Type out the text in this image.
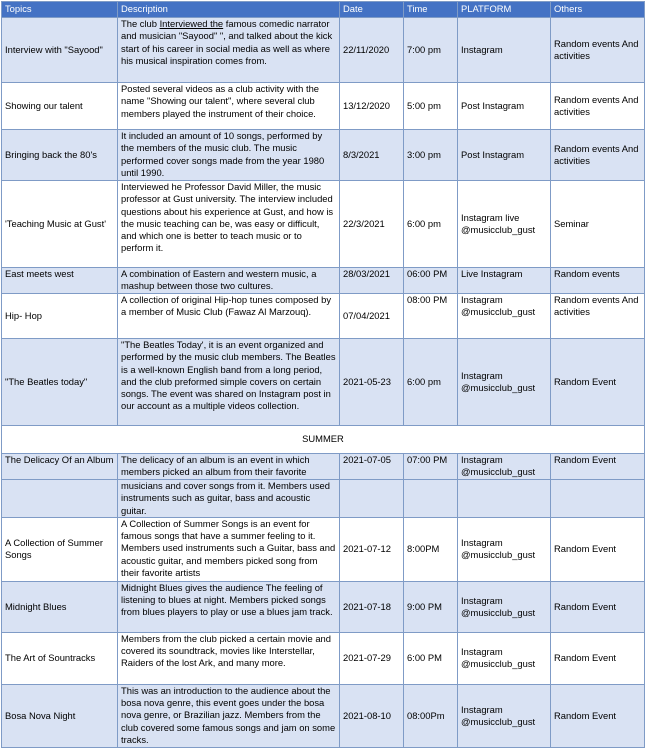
Topics	Description	Date	Time	PLATFORM	Others
Interview with "Sayood"	The club Interviewed the famous comedic narrator and musician "Sayood" ", and talked about the kick start of his career in social media as well as where his musical inspiration comes from.	22/11/2020	7:00 pm	Instagram	Random events And activities
Showing our talent	Posted several videos as a club activity with the name "Showing our talent", where several club members played the instrument of their choice.	13/12/2020	5:00 pm	Post Instagram	Random events And activities
Bringing back the 80's	It included an amount of 10 songs, performed by the members of the music club. The music performed cover songs made from the year 1980 until 1990.	8/3/2021	3:00 pm	Post Instagram	Random events And activities
'Teaching Music at Gust'	Interviewed he Professor David Miller, the music professor at Gust university. The interview included questions about his experience at Gust, and how is the music teaching can be, was easy or difficult, and which one is better to teach music or to perform it.	22/3/2021	6:00 pm	Instagram live @musicclub_gust	Seminar
East meets west	A combination of Eastern and western music, a mashup between those two cultures.	28/03/2021	06:00 PM	Live Instagram	Random events
Hip- Hop	A collection of original Hip-hop tunes composed by a member of Music Club (Fawaz Al Marzouq).	07/04/2021	08:00 PM	Instagram @musicclub_gust	Random events And activities
"The Beatles today"	"The Beatles Today', it is an event organized and performed by the music club members. The Beatles is a well-known English band from a long period, and the club preformed simple covers on certain songs. The event was shared on Instagram post in our account as a multiple videos collection.	2021-05-23	6:00 pm	Instagram @musicclub_gust	Random Event
SUMMER					
The Delicacy Of an Album	The delicacy of an album is an event in which members picked an album from their favorite	2021-07-05	07:00 PM	Instagram @musicclub_gust	Random Event
	musicians and cover songs from it. Members used instruments such as guitar, bass and acoustic guitar.				
A Collection of Summer Songs	A Collection of Summer Songs is an event for famous songs that have a summer feeling to it. Members used instruments such a Guitar, bass and acoustic guitar, and members picked song from their favorite artists	2021-07-12	8:00PM	Instagram @musicclub_gust	Random Event
Midnight Blues	Midnight Blues gives the audience The feeling of listening to blues at night. Members picked songs from blues players to play or use a blues jam track.	2021-07-18	9:00 PM	Instagram @musicclub_gust	Random Event
The Art of Sountracks	Members from the club picked a certain movie and covered its soundtrack, movies like Interstellar, Raiders of the lost Ark, and many more.	2021-07-29	6:00 PM	Instagram @musicclub_gust	Random Event
Bosa Nova Night	This was an introduction to the audience about the bosa nova genre, this event goes under the bosa nova genre, or Brazilian jazz. Members from the club covered some famous songs and jam on some tracks.	2021-08-10	08:00Pm	Instagram @musicclub_gust	Random Event
